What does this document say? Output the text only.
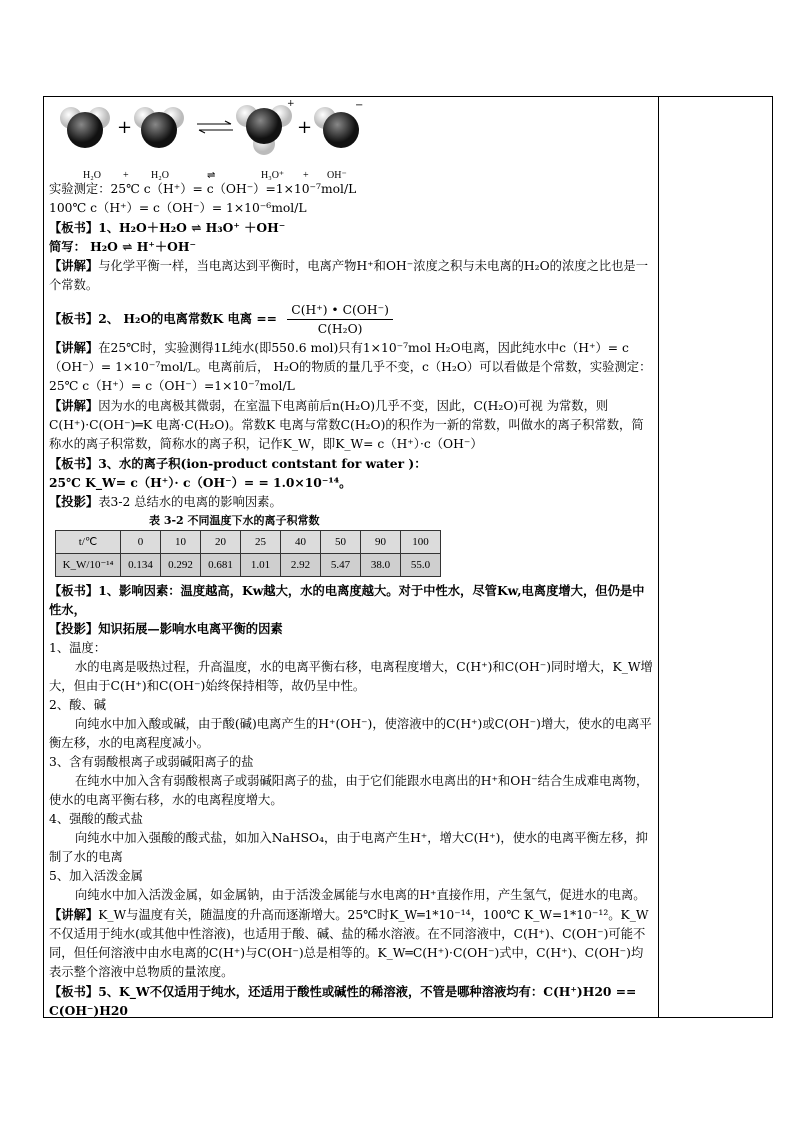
+
+
+
−
H₂O + H₂O	⇌	H₃O⁺ + OH⁻

实验测定：25℃ c（H⁺）= c（OH⁻）=1×10⁻⁷mol/L

100℃ c（H⁺）= c（OH⁻）= 1×10⁻⁶mol/L

【板书】1、H₂O＋H₂O ⇌ H₃O⁺ ＋OH⁻

简写： H₂O ⇌ H⁺＋OH⁻

【讲解】与化学平衡一样，当电离达到平衡时，电离产物H⁺和OH⁻浓度之积与未电离的H₂O的浓度之比也是一个常数。

【板书】2、 H₂O的电离常数K 电离 == $\frac{C(H^+) • C(OH^-)}{\text{C(H₂O)}}$

【讲解】在25℃时，实验测得1L纯水(即550.6 mol)只有1×10⁻⁷mol H₂O电离，因此纯水中c（H⁺）= c（OH⁻）= 1×10⁻⁷mol/L。电离前后， H₂O的物质的量几乎不变，c（H₂O）可以看做是个常数，实验测定：25℃ c（H⁺）= c（OH⁻）=1×10⁻⁷mol/L

【讲解】因为水的电离极其微弱，在室温下电离前后n(H₂O)几乎不变，因此，C(H₂O)可视 为常数，则C(H⁺)·C(OH⁻)═K 电离·C(H₂O)。常数K 电离与常数C(H₂O)的积作为一新的常数，叫做水的离子积常数，简称水的离子积常数，简称水的离子积，记作K_W，即K_W= c（H⁺）·c（OH⁻）

【板书】3、水的离子积(ion-product contstant for water )：

25℃ K_W= c（H⁺）· c（OH⁻）= = 1.0×10⁻¹⁴。

【投影】表3-2 总结水的电离的影响因素。

表 3-2 不同温度下水的离子积常数
t/℃	0	10	20	25	40	50	90	100
K_W/10⁻¹⁴	0.134	0.292	0.681	1.01	2.92	5.47	38.0	55.0

【板书】1、影响因素：温度越高，Kw越大，水的电离度越大。对于中性水，尽管Kw,电离度增大，但仍是中性水，

【投影】知识拓展—影响水电离平衡的因素

1、温度：

水的电离是吸热过程，升高温度，水的电离平衡右移，电离程度增大，C(H⁺)和C(OH⁻)同时增大，K_W增大，但由于C(H⁺)和C(OH⁻)始终保持相等，故仍呈中性。

2、酸、碱

向纯水中加入酸或碱，由于酸(碱)电离产生的H⁺(OH⁻)，使溶液中的C(H⁺)或C(OH⁻)增大，使水的电离平衡左移，水的电离程度减小。

3、含有弱酸根离子或弱碱阳离子的盐

在纯水中加入含有弱酸根离子或弱碱阳离子的盐，由于它们能跟水电离出的H⁺和OH⁻结合生成难电离物，使水的电离平衡右移，水的电离程度增大。

4、强酸的酸式盐

向纯水中加入强酸的酸式盐，如加入NaHSO₄，由于电离产生H⁺，增大C(H⁺)，使水的电离平衡左移，抑制了水的电离

5、加入活泼金属

向纯水中加入活泼金属，如金属钠，由于活泼金属能与水电离的H⁺直接作用，产生氢气，促进水的电离。

【讲解】K_W与温度有关，随温度的升高而逐渐增大。25℃时K_W═1*10⁻¹⁴，100℃ K_W=1*10⁻¹²。K_W不仅适用于纯水(或其他中性溶液)，也适用于酸、碱、盐的稀水溶液。在不同溶液中，C(H⁺)、C(OH⁻)可能不同，但任何溶液中由水电离的C(H⁺)与C(OH⁻)总是相等的。K_W═C(H⁺)·C(OH⁻)式中，C(H⁺)、C(OH⁻)均表示整个溶液中总物质的量浓度。

【板书】5、K_W不仅适用于纯水，还适用于酸性或碱性的稀溶液，不管是哪种溶液均有：C(H⁺)H20 == C(OH⁻)H20
